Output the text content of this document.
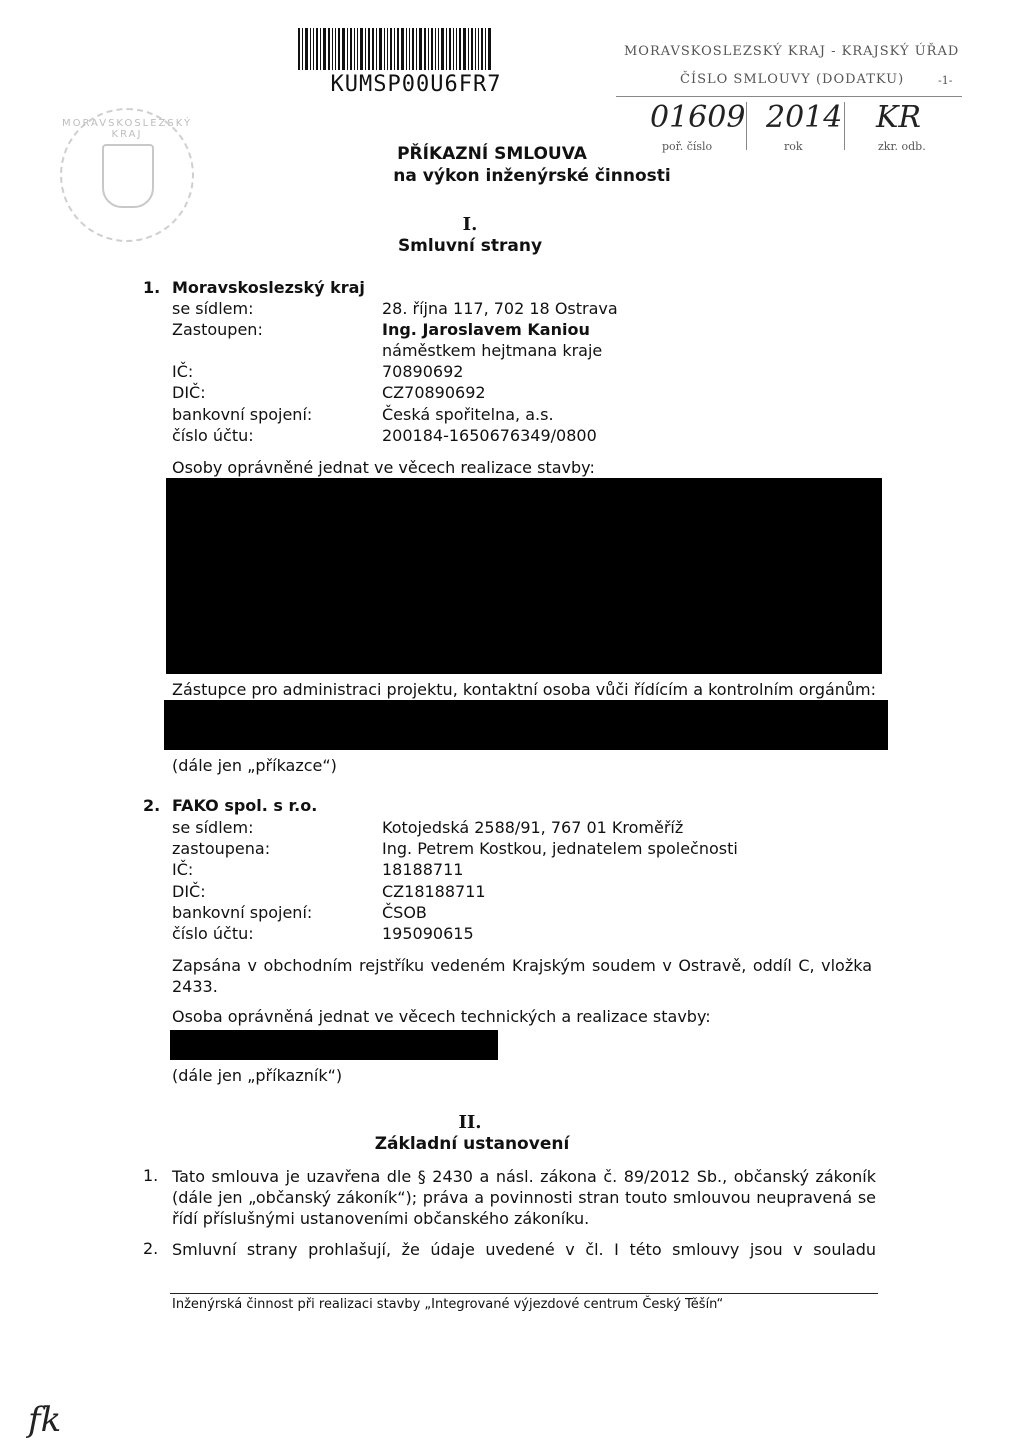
KUMSP00U6FR7
MORAVSKOSLEZSKÝ KRAJ
MORAVSKOSLEZSKÝ KRAJ - KRAJSKÝ ÚŘAD
ČÍSLO SMLOUVY (DODATKU)	-1-
01609 2014 KR
poř. číslo	rok	zkr. odb.
PŘÍKAZNÍ SMLOUVA
na výkon inženýrské činnosti
I.
Smluvní strany
1. Moravskoslezský kraj
se sídlem:	28. října 117, 702 18 Ostrava
Zastoupen:	Ing. Jaroslavem Kaniou
náměstkem hejtmana kraje
IČ:	70890692
DIČ:	CZ70890692
bankovní spojení:	Česká spořitelna, a.s.
číslo účtu:	200184-1650676349/0800
Osoby oprávněné jednat ve věcech realizace stavby:
Zástupce pro administraci projektu, kontaktní osoba vůči řídícím a kontrolním orgánům:
(dále jen „příkazce“)
2. FAKO spol. s r.o.
se sídlem:	Kotojedská 2588/91, 767 01 Kroměříž
zastoupena:	Ing. Petrem Kostkou, jednatelem společnosti
IČ:	18188711
DIČ:	CZ18188711
bankovní spojení:	ČSOB
číslo účtu:	195090615
Zapsána v obchodním rejstříku vedeném Krajským soudem v Ostravě, oddíl C, vložka
2433.
Osoba oprávněná jednat ve věcech technických a realizace stavby:
(dále jen „příkazník“)
II.
Základní ustanovení
1. Tato smlouva je uzavřena dle § 2430 a násl. zákona č. 89/2012 Sb., občanský zákoník (dále jen „občanský zákoník“); práva a povinnosti stran touto smlouvou neupravená se řídí příslušnými ustanoveními občanského zákoníku.
2. Smluvní strany prohlašují, že údaje uvedené v čl. I této smlouvy jsou v souladu
Inženýrská činnost při realizaci stavby „Integrované výjezdové centrum Český Těšín“
fk
